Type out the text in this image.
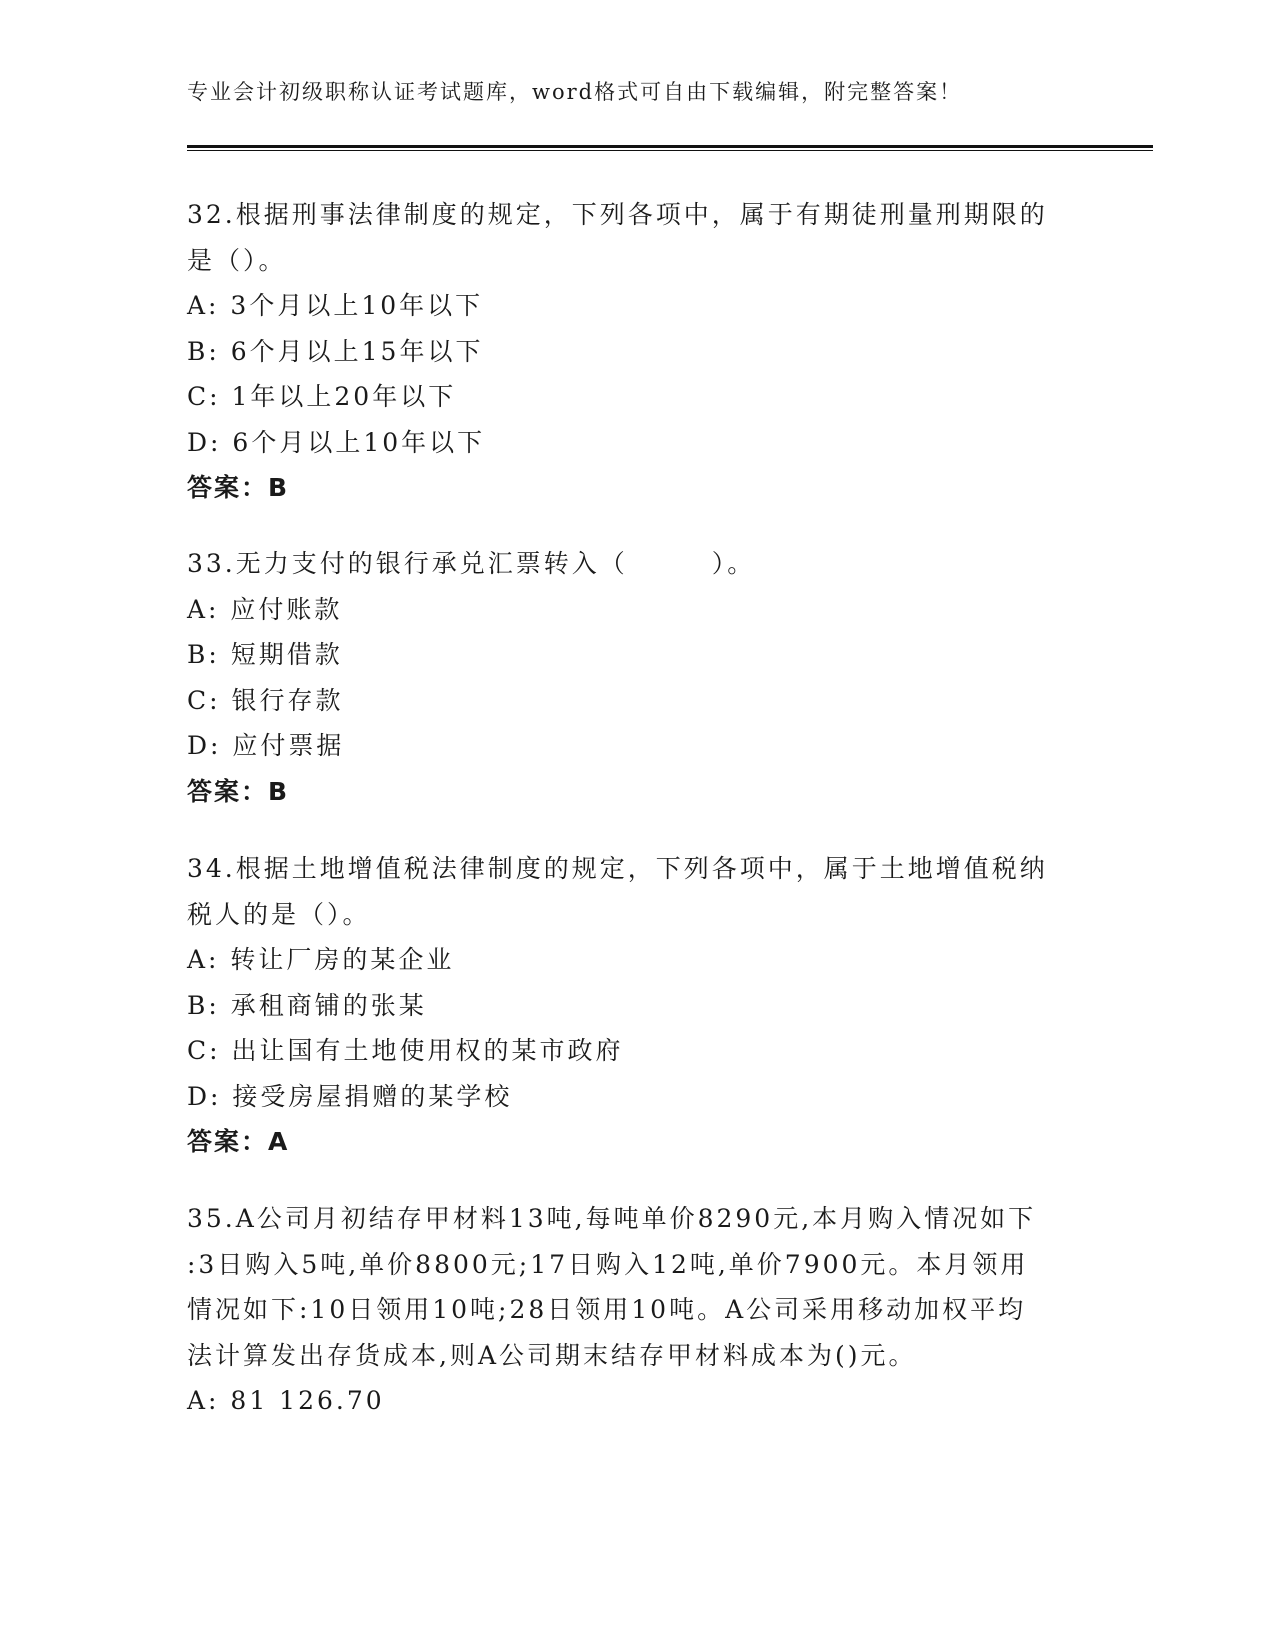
专业会计初级职称认证考试题库，word格式可自由下载编辑，附完整答案！
32.根据刑事法律制度的规定，下列各项中，属于有期徒刑量刑期限的
是（）。
A: 3个月以上10年以下
B: 6个月以上15年以下
C: 1年以上20年以下
D: 6个月以上10年以下
答案：B
33.无力支付的银行承兑汇票转入（　　　）。
A: 应付账款
B: 短期借款
C: 银行存款
D: 应付票据
答案：B
34.根据土地增值税法律制度的规定，下列各项中，属于土地增值税纳
税人的是（）。
A: 转让厂房的某企业
B: 承租商铺的张某
C: 出让国有土地使用权的某市政府
D: 接受房屋捐赠的某学校
答案：A
35.A公司月初结存甲材料13吨,每吨单价8290元,本月购入情况如下
:3日购入5吨,单价8800元;17日购入12吨,单价7900元。本月领用
情况如下:10日领用10吨;28日领用10吨。A公司采用移动加权平均
法计算发出存货成本,则A公司期末结存甲材料成本为()元。
A: 81 126.70
